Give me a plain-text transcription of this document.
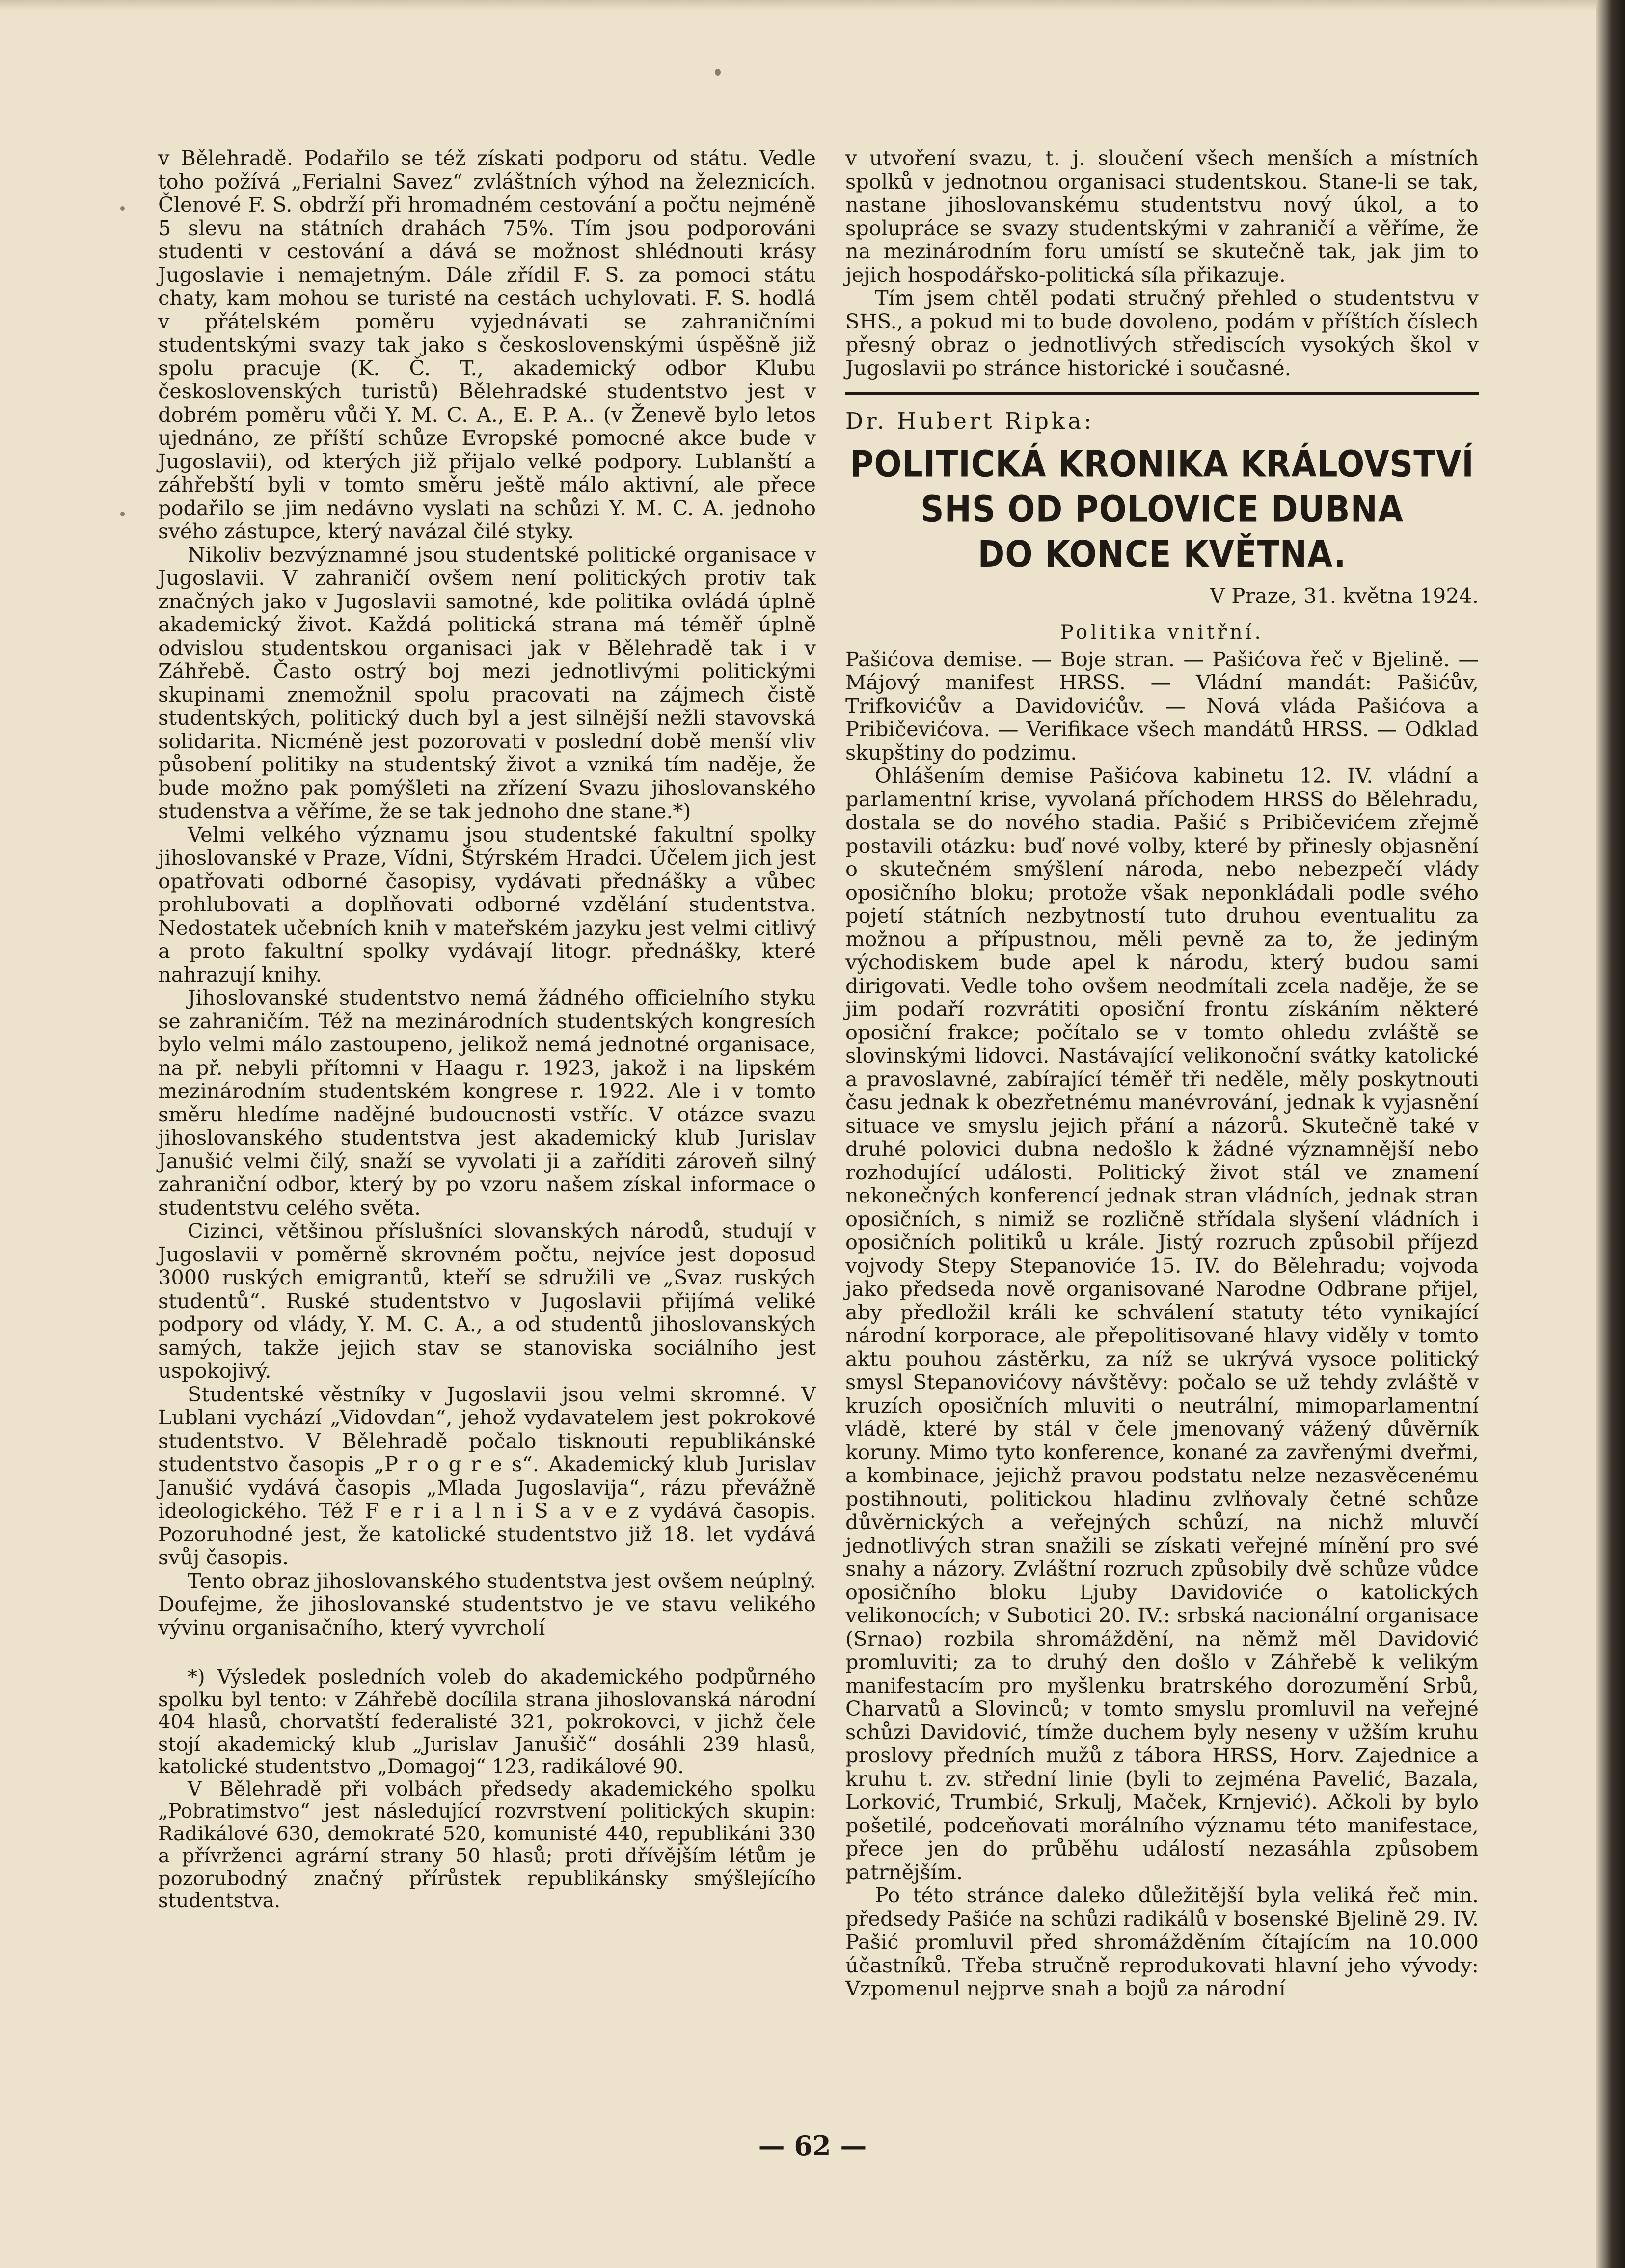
v Bělehradě. Podařilo se též získati podporu od státu. Vedle toho požívá „Ferialni Savez“ zvláštních výhod na železnicích. Členové F. S. obdrží při hromadném cestování a počtu nejméně 5 slevu na státních drahách 75%. Tím jsou podporováni studenti v cestování a dává se možnost shlédnouti krásy Jugoslavie i nemajetným. Dále zřídil F. S. za pomoci státu chaty, kam mohou se turisté na cestách uchylovati. F. S. hodlá v přátelském poměru vyjednávati se zahraničními studentskými svazy tak jako s československými úspěšně již spolu pracuje (K. Č. T., akademický odbor Klubu československých turistů) Bělehradské studentstvo jest v dobrém poměru vůči Y. M. C. A., E. P. A.. (v Ženevě bylo letos ujednáno, ze příští schůze Evropské pomocné akce bude v Jugoslavii), od kterých již přijalo velké podpory. Lublanští a záhřebští byli v tomto směru ještě málo aktivní, ale přece podařilo se jim nedávno vyslati na schůzi Y. M. C. A. jednoho svého zástupce, který navázal čilé styky.

Nikoliv bezvýznamné jsou studentské politické organisace v Jugoslavii. V zahraničí ovšem není politických protiv tak značných jako v Jugoslavii samotné, kde politika ovládá úplně akademický život. Každá politická strana má téměř úplně odvislou studentskou organisaci jak v Bělehradě tak i v Záhřebě. Často ostrý boj mezi jednotlivými politickými skupinami znemožnil spolu pracovati na zájmech čistě studentských, politický duch byl a jest silnější nežli stavovská solidarita. Nicméně jest pozorovati v poslední době menší vliv působení politiky na studentský život a vzniká tím naděje, že bude možno pak pomýšleti na zřízení Svazu jihoslovanského studenstva a věříme, že se tak jednoho dne stane.*)

Velmi velkého významu jsou studentské fakultní spolky jihoslovanské v Praze, Vídni, Štýrském Hradci. Účelem jich jest opatřovati odborné časopisy, vydávati přednášky a vůbec prohlubovati a doplňovati odborné vzdělání studentstva. Nedostatek učebních knih v mateřském jazyku jest velmi citlivý a proto fakultní spolky vydávají litogr. přednášky, které nahrazují knihy.

Jihoslovanské studentstvo nemá žádného officielního styku se zahraničím. Též na mezinárodních studentských kongresích bylo velmi málo zastoupeno, jelikož nemá jednotné organisace, na př. nebyli přítomni v Haagu r. 1923, jakož i na lipském mezinárodním studentském kongrese r. 1922. Ale i v tomto směru hledíme nadějné budoucnosti vstříc. V otázce svazu jihoslovanského studentstva jest akademický klub Jurislav Janušić velmi čilý, snaží se vyvolati ji a zaříditi zároveň silný zahraniční odbor, který by po vzoru našem získal informace o studentstvu celého světa.

Cizinci, většinou příslušníci slovanských národů, studují v Jugoslavii v poměrně skrovném počtu, nejvíce jest doposud 3000 ruských emigrantů, kteří se sdružili ve „Svaz ruských studentů“. Ruské studentstvo v Jugoslavii přijímá veliké podpory od vlády, Y. M. C. A., a od studentů jihoslovanských samých, takže jejich stav se stanoviska sociálního jest uspokojivý.

Studentské věstníky v Jugoslavii jsou velmi skromné. V Lublani vychází „Vidovdan“, jehož vydavatelem jest pokrokové studentstvo. V Bělehradě počalo tisknouti republikánské studentstvo časopis „P r o g r e s“. Akademický klub Jurislav Janušić vydává časopis „Mlada Jugoslavija“, rázu převážně ideologického. Též F e r i a l n i S a v e z vydává časopis. Pozoruhodné jest, že katolické studentstvo již 18. let vydává svůj časopis.

Tento obraz jihoslovanského studentstva jest ovšem neúplný. Doufejme, že jihoslovanské studentstvo je ve stavu velikého vývinu organisačního, který vyvrcholí

*) Výsledek posledních voleb do akademického podpůrného spolku byl tento: v Záhřebě docílila strana jihoslovanská národní 404 hlasů, chorvatští federalisté 321, pokrokovci, v jichž čele stojí akademický klub „Jurislav Janušič“ dosáhli 239 hlasů, katolické studentstvo „Domagoj“ 123, radikálové 90.

V Bělehradě při volbách předsedy akademického spolku „Pobratimstvo“ jest následující rozvrstvení politických skupin: Radikálové 630, demokraté 520, komunisté 440, republikáni 330 a přívrženci agrární strany 50 hlasů; proti dřívějším létům je pozorubodný značný přírůstek republikánsky smýšlejícího studentstva.

v utvoření svazu, t. j. sloučení všech menších a místních spolků v jednotnou organisaci studentskou. Stane-li se tak, nastane jihoslovanskému studentstvu nový úkol, a to spolupráce se svazy studentskými v zahraničí a věříme, že na mezinárodním foru umístí se skutečně tak, jak jim to jejich hospodářsko-politická síla přikazuje.

Tím jsem chtěl podati stručný přehled o studentstvu v SHS., a pokud mi to bude dovoleno, podám v příštích číslech přesný obraz o jednotlivých střediscích vysokých škol v Jugoslavii po stránce historické i současné.

Dr. Hubert Ripka:
POLITICKÁ KRONIKA KRÁLOVSTVÍ
SHS OD POLOVICE DUBNA
DO KONCE KVĚTNA.
V Praze, 31. května 1924.
Politika vnitřní.

Pašićova demise. — Boje stran. — Pašićova řeč v Bjelině. — Májový manifest HRSS. — Vládní mandát: Pašićův, Trifkovićův a Davidovićův. — Nová vláda Pašićova a Pribičevićova. — Verifikace všech mandátů HRSS. — Odklad skupštiny do podzimu.

Ohlášením demise Pašićova kabinetu 12. IV. vládní a parlamentní krise, vyvolaná příchodem HRSS do Bělehradu, dostala se do nového stadia. Pašić s Pribičevićem zřejmě postavili otázku: buď nové volby, které by přinesly objasnění o skutečném smýšlení národa, nebo nebezpečí vlády oposičního bloku; protože však neponkládali podle svého pojetí státních nezbytností tuto druhou eventualitu za možnou a přípustnou, měli pevně za to, že jediným východiskem bude apel k národu, který budou sami dirigovati. Vedle toho ovšem neodmítali zcela naděje, že se jim podaří rozvrátiti oposiční frontu získáním některé oposiční frakce; počítalo se v tomto ohledu zvláště se slovinskými lidovci. Nastávající velikonoční svátky katolické a pravoslavné, zabírající téměř tři neděle, měly poskytnouti času jednak k obezřetnému manévrování, jednak k vyjasnění situace ve smyslu jejich přání a názorů. Skutečně také v druhé polovici dubna nedošlo k žádné významnější nebo rozhodující události. Politický život stál ve znamení nekonečných konferencí jednak stran vládních, jednak stran oposičních, s nimiž se rozličně střídala slyšení vládních i oposičních politiků u krále. Jistý rozruch způsobil příjezd vojvody Stepy Stepanoviće 15. IV. do Bělehradu; vojvoda jako předseda nově organisované Narodne Odbrane přijel, aby předložil králi ke schválení statuty této vynikající národní korporace, ale přepolitisované hlavy viděly v tomto aktu pouhou zástěrku, za níž se ukrývá vysoce politický smysl Stepanovićovy návštěvy: počalo se už tehdy zvláště v kruzích oposičních mluviti o neutrální, mimoparlamentní vládě, které by stál v čele jmenovaný vážený důvěrník koruny. Mimo tyto konference, konané za zavřenými dveřmi, a kombinace, jejichž pravou podstatu nelze nezasvěcenému postihnouti, politickou hladinu zvlňovaly četné schůze důvěrnických a veřejných schůzí, na nichž mluvčí jednotlivých stran snažili se získati veřejné mínění pro své snahy a názory. Zvláštní rozruch způsobily dvě schůze vůdce oposičního bloku Ljuby Davidoviće o katolických velikonocích; v Subotici 20. IV.: srbská nacionální organisace (Srnao) rozbila shromáždění, na němž měl Davidović promluviti; za to druhý den došlo v Záhřebě k velikým manifestacím pro myšlenku bratrského dorozumění Srbů, Charvatů a Slovinců; v tomto smyslu promluvil na veřejné schůzi Davidović, tímže duchem byly neseny v užším kruhu proslovy předních mužů z tábora HRSS, Horv. Zajednice a kruhu t. zv. střední linie (byli to zejména Pavelić, Bazala, Lorković, Trumbić, Srkulj, Maček, Krnjević). Ačkoli by bylo pošetilé, podceňovati morálního významu této manifestace, přece jen do průběhu událostí nezasáhla způsobem patrnějším.

Po této stránce daleko důležitější byla veliká řeč min. předsedy Pašiće na schůzi radikálů v bosenské Bjelině 29. IV. Pašić promluvil před shromážděním čítajícím na 10.000 účastníků. Třeba stručně reprodukovati hlavní jeho vývody: Vzpomenul nejprve snah a bojů za národní

— 62 —
